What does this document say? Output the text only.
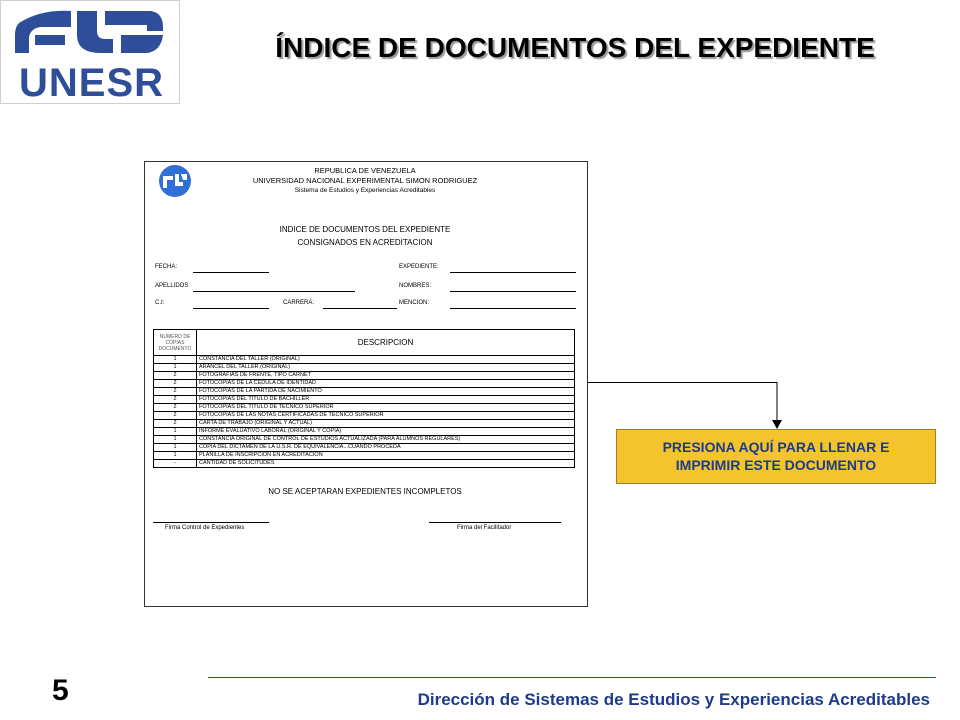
UNESR
ÍNDICE DE DOCUMENTOS DEL EXPEDIENTE
REPUBLICA DE VENEZUELA
UNIVERSIDAD NACIONAL EXPERIMENTAL SIMON RODRIGUEZ
Sistema de Estudios y Experiencias Acreditables
INDICE DE DOCUMENTOS DEL EXPEDIENTE
CONSIGNADOS EN ACREDITACION
FECHA:	EXPEDIENTE:
APELLIDOS	NOMBRES:
C.I:	CARRERA:	MENCION:
NUMERO DE COPIAS DOCUMENTO	DESCRIPCION
1	CONSTANCIA DEL TALLER (ORIGINAL)
1	ARANCEL DEL TALLER (ORIGINAL)
2	FOTOGRAFIAS DE FRENTE, TIPO CARNET
2	FOTOCOPIAS DE LA CEDULA DE IDENTIDAD
2	FOTOCOPIAS DE LA PARTIDA DE NACIMIENTO
2	FOTOCOPIAS DEL TITULO DE BACHILLER
2	FOTOCOPIAS DEL TITULO DE TECNICO SUPERIOR
2	FOTOCOPIAS DE LAS NOTAS CERTIFICADAS DE TECNICO SUPERIOR
2	CARTA DE TRABAJO (ORIGINAL Y ACTUAL)
1	INFORME EVALUATIVO LABORAL (ORIGINAL Y COPIA)
1	CONSTANCIA ORIGINAL DE CONTROL DE ESTUDIOS ACTUALIZADA (PARA ALUMNOS REGULARES)
1	COPIA DEL DICTAMEN DE LA U.S.R. DE EQUIVALENCIA...CUANDO PROCEDA
1	PLANILLA DE INSCRIPCION EN ACREDITACION
-	CANTIDAD DE SOLICITUDES
NO SE ACEPTARAN EXPEDIENTES INCOMPLETOS
Firma Control de Expedientes	Firma del Facilitador
PRESIONA AQUÍ PARA LLENAR E
IMPRIMIR ESTE DOCUMENTO
5	Dirección de Sistemas de Estudios y Experiencias Acreditables
